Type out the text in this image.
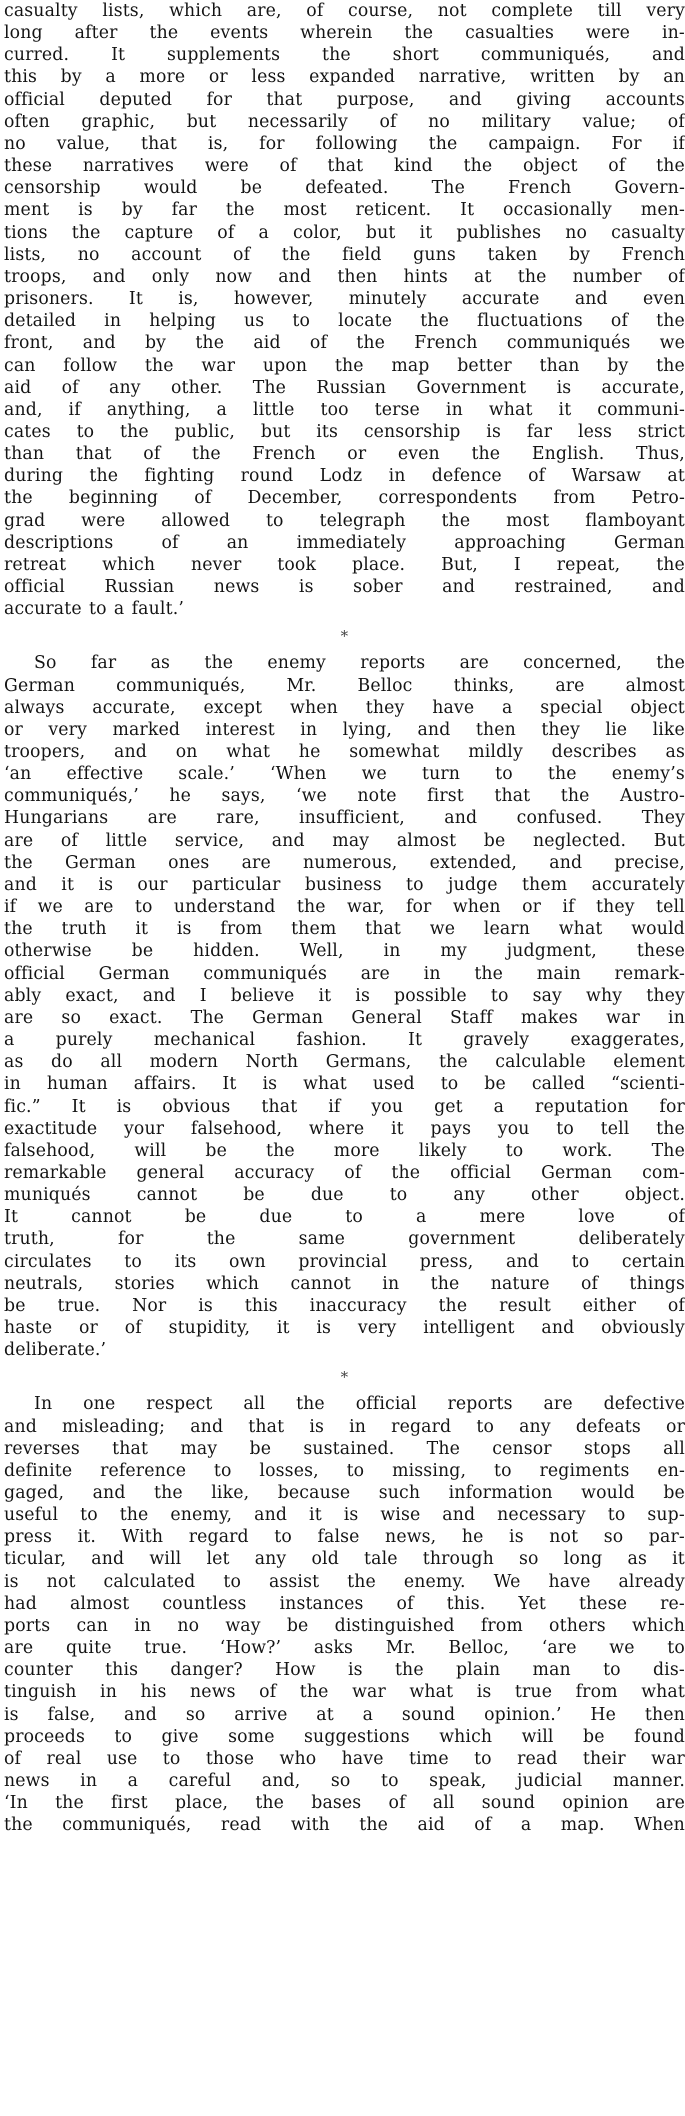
casualty lists, which are, of course, not complete till very
long after the events wherein the casualties were in-
curred. It supplements the short communiqués, and
this by a more or less expanded narrative, written by an
official deputed for that purpose, and giving accounts
often graphic, but necessarily of no military value; of
no value, that is, for following the campaign. For if
these narratives were of that kind the object of the
censorship would be defeated. The French Govern-
ment is by far the most reticent. It occasionally men-
tions the capture of a color, but it publishes no casualty
lists, no account of the field guns taken by French
troops, and only now and then hints at the number of
prisoners. It is, however, minutely accurate and even
detailed in helping us to locate the fluctuations of the
front, and by the aid of the French communiqués we
can follow the war upon the map better than by the
aid of any other. The Russian Government is accurate,
and, if anything, a little too terse in what it communi-
cates to the public, but its censorship is far less strict
than that of the French or even the English. Thus,
during the fighting round Lodz in defence of Warsaw at
the beginning of December, correspondents from Petro-
grad were allowed to telegraph the most flamboyant
descriptions	of	an	immediately	approaching	German
retreat which never took place. But, I repeat, the
official Russian news is sober and restrained, and
accurate to a fault.’
*
So far as the enemy reports are concerned, the
German communiqués, Mr. Belloc thinks, are almost
always accurate, except when they have a special object
or very marked interest in lying, and then they lie like
troopers, and on what he somewhat mildly describes as
‘an effective scale.’ ‘When we turn to the enemy’s
communiqués,’ he says, ‘we note first that the Austro-
Hungarians are rare, insufficient, and confused. They
are of little service, and may almost be neglected. But
the German ones are numerous, extended, and precise,
and it is our particular business to judge them accurately
if we are to understand the war, for when or if they tell
the truth it is from them that we learn what would
otherwise be hidden. Well, in my judgment, these
official German communiqués are in the main remark-
ably exact, and I believe it is possible to say why they
are so exact. The German General Staff makes war in
a purely mechanical fashion. It gravely exaggerates,
as do all modern North Germans, the calculable element
in human affairs. It is what used to be called “scienti-
fic.” It is obvious that if you get a reputation for
exactitude your falsehood, where it pays you to tell the
falsehood, will be the more likely to work. The
remarkable general accuracy of the official German com-
muniqués	cannot	be	due	to	any	other	object.
It	cannot	be	due	to	a	mere	love	of
truth,	for	the	same	government	deliberately
circulates to its own provincial press, and to certain
neutrals, stories which cannot in the nature of things
be true. Nor is this inaccuracy the result either of
haste or of stupidity, it is very intelligent and obviously
deliberate.’
*
In one respect all the official reports are defective
and misleading; and that is in regard to any defeats or
reverses that may be sustained. The censor stops all
definite reference to losses, to missing, to regiments en-
gaged, and the like, because such information would be
useful to the enemy, and it is wise and necessary to sup-
press it. With regard to false news, he is not so par-
ticular, and will let any old tale through so long as it
is not calculated to assist the enemy. We have already
had almost countless instances of this. Yet these re-
ports can in no way be distinguished from others which
are quite true. ‘How?’ asks Mr. Belloc, ‘are we to
counter this danger? How is the plain man to dis-
tinguish in his news of the war what is true from what
is false, and so arrive at a sound opinion.’ He then
proceeds to give some suggestions which will be found
of real use to those who have time to read their war
news in a careful and, so to speak, judicial manner.
‘In the first place, the bases of all sound opinion are
the communiqués, read with the aid of a map. When
